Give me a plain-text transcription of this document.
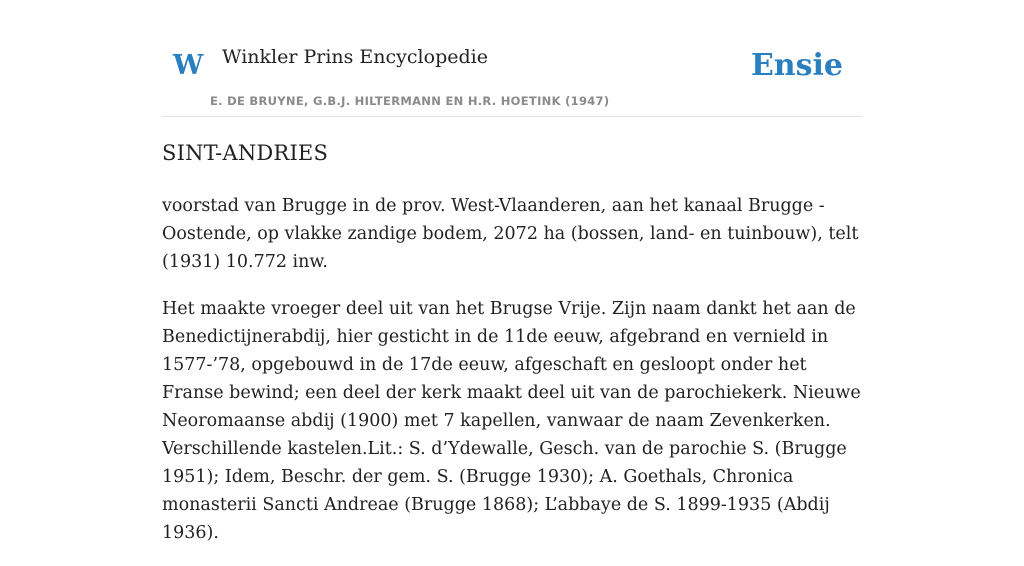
W Winkler Prins Encyclopedie
E. DE BRUYNE, G.B.J. HILTERMANN EN H.R. HOETINK (1947)
Ensie
SINT-ANDRIES

voorstad van Brugge in de prov. West-Vlaanderen, aan het kanaal Brugge - Oostende, op vlakke zandige bodem, 2072 ha (bossen, land- en tuinbouw), telt (1931) 10.772 inw.

Het maakte vroeger deel uit van het Brugse Vrije. Zijn naam dankt het aan de Benedictijnerabdij, hier gesticht in de 11de eeuw, afgebrand en vernield in 1577-’78, opgebouwd in de 17de eeuw, afgeschaft en gesloopt onder het Franse bewind; een deel der kerk maakt deel uit van de parochiekerk. Nieuwe Neoromaanse abdij (1900) met 7 kapellen, vanwaar de naam Zevenkerken. Verschillende kastelen.Lit.: S. d’Ydewalle, Gesch. van de parochie S. (Brugge 1951); Idem, Beschr. der gem. S. (Brugge 1930); A. Goethals, Chronica monasterii Sancti Andreae (Brugge 1868); L’abbaye de S. 1899-1935 (Abdij 1936).
